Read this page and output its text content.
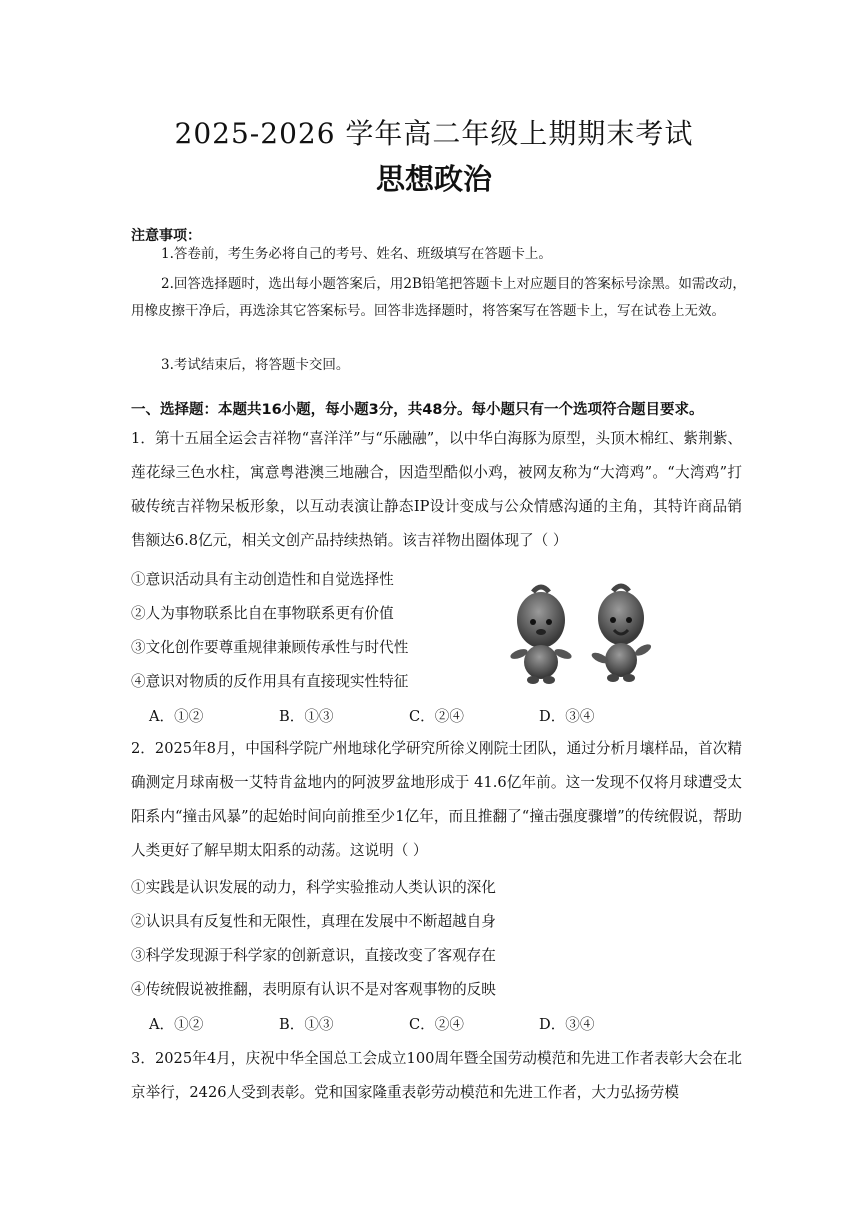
2025-2026 学年高二年级上期期末考试
思想政治
注意事项：
1.答卷前，考生务必将自己的考号、姓名、班级填写在答题卡上。
2.回答选择题时，选出每小题答案后，用2B铅笔把答题卡上对应题目的答案标号涂黑。如需改动，用橡皮擦干净后，再选涂其它答案标号。回答非选择题时，将答案写在答题卡上，写在试卷上无效。
3.考试结束后，将答题卡交回。
一、选择题：本题共16小题，每小题3分，共48分。每小题只有一个选项符合题目要求。
1．第十五届全运会吉祥物“喜洋洋”与“乐融融”，以中华白海豚为原型，头顶木棉红、紫荆紫、莲花绿三色水柱，寓意粤港澳三地融合，因造型酷似小鸡，被网友称为“大湾鸡”。“大湾鸡”打破传统吉祥物呆板形象，以互动表演让静态IP设计变成与公众情感沟通的主角，其特许商品销售额达6.8亿元，相关文创产品持续热销。该吉祥物出圈体现了（ ）
①意识活动具有主动创造性和自觉选择性
②人为事物联系比自在事物联系更有价值
③文化创作要尊重规律兼顾传承性与时代性
④意识对物质的反作用具有直接现实性特征
A．①②	B．①③	C．②④	D．③④
2．2025年8月，中国科学院广州地球化学研究所徐义刚院士团队，通过分析月壤样品，首次精确测定月球南极一艾特肯盆地内的阿波罗盆地形成于 41.6亿年前。这一发现不仅将月球遭受太阳系内“撞击风暴”的起始时间向前推至少1亿年，而且推翻了“撞击强度骤增”的传统假说，帮助人类更好了解早期太阳系的动荡。这说明（ ）
①实践是认识发展的动力，科学实验推动人类认识的深化
②认识具有反复性和无限性，真理在发展中不断超越自身
③科学发现源于科学家的创新意识，直接改变了客观存在
④传统假说被推翻，表明原有认识不是对客观事物的反映
A．①②	B．①③	C．②④	D．③④
3．2025年4月，庆祝中华全国总工会成立100周年暨全国劳动模范和先进工作者表彰大会在北京举行，2426人受到表彰。党和国家隆重表彰劳动模范和先进工作者，大力弘扬劳模
